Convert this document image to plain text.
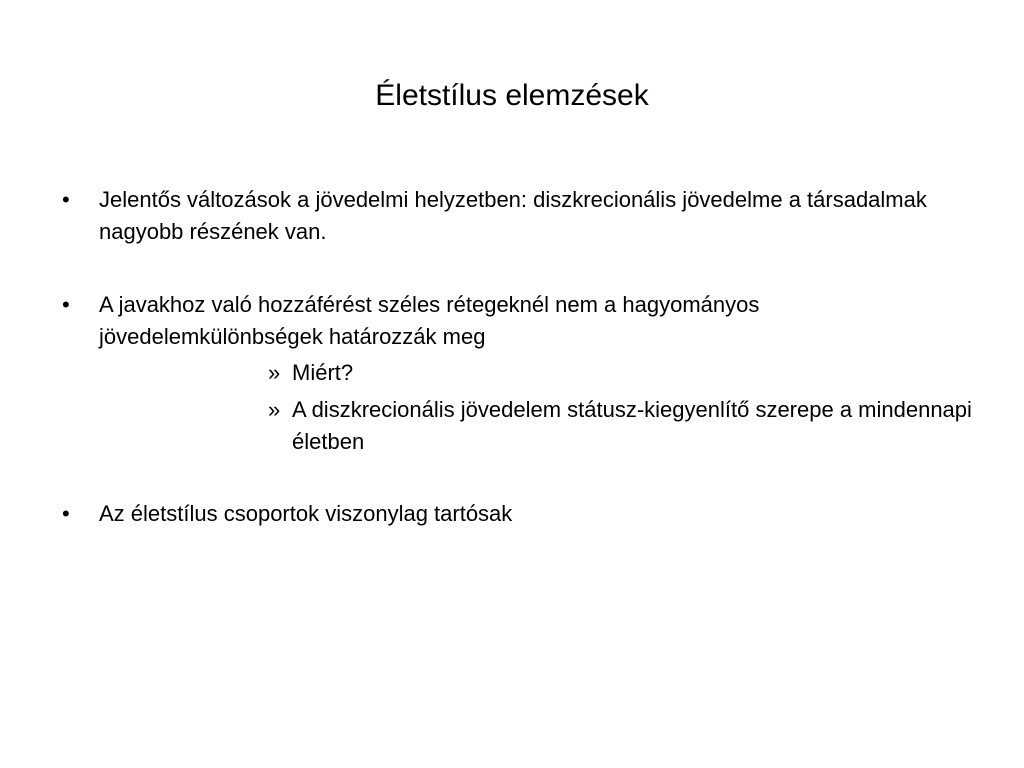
Életstílus elemzések
•	Jelentős változások a jövedelmi helyzetben: diszkrecionális jövedelme a társadalmak nagyobb részének van.
•	A javakhoz való hozzáférést széles rétegeknél nem a hagyományos jövedelemkülönbségek határozzák meg
» Miért?
» A diszkrecionális jövedelem státusz-kiegyenlítő szerepe a mindennapi életben
•	Az életstílus csoportok viszonylag tartósak
